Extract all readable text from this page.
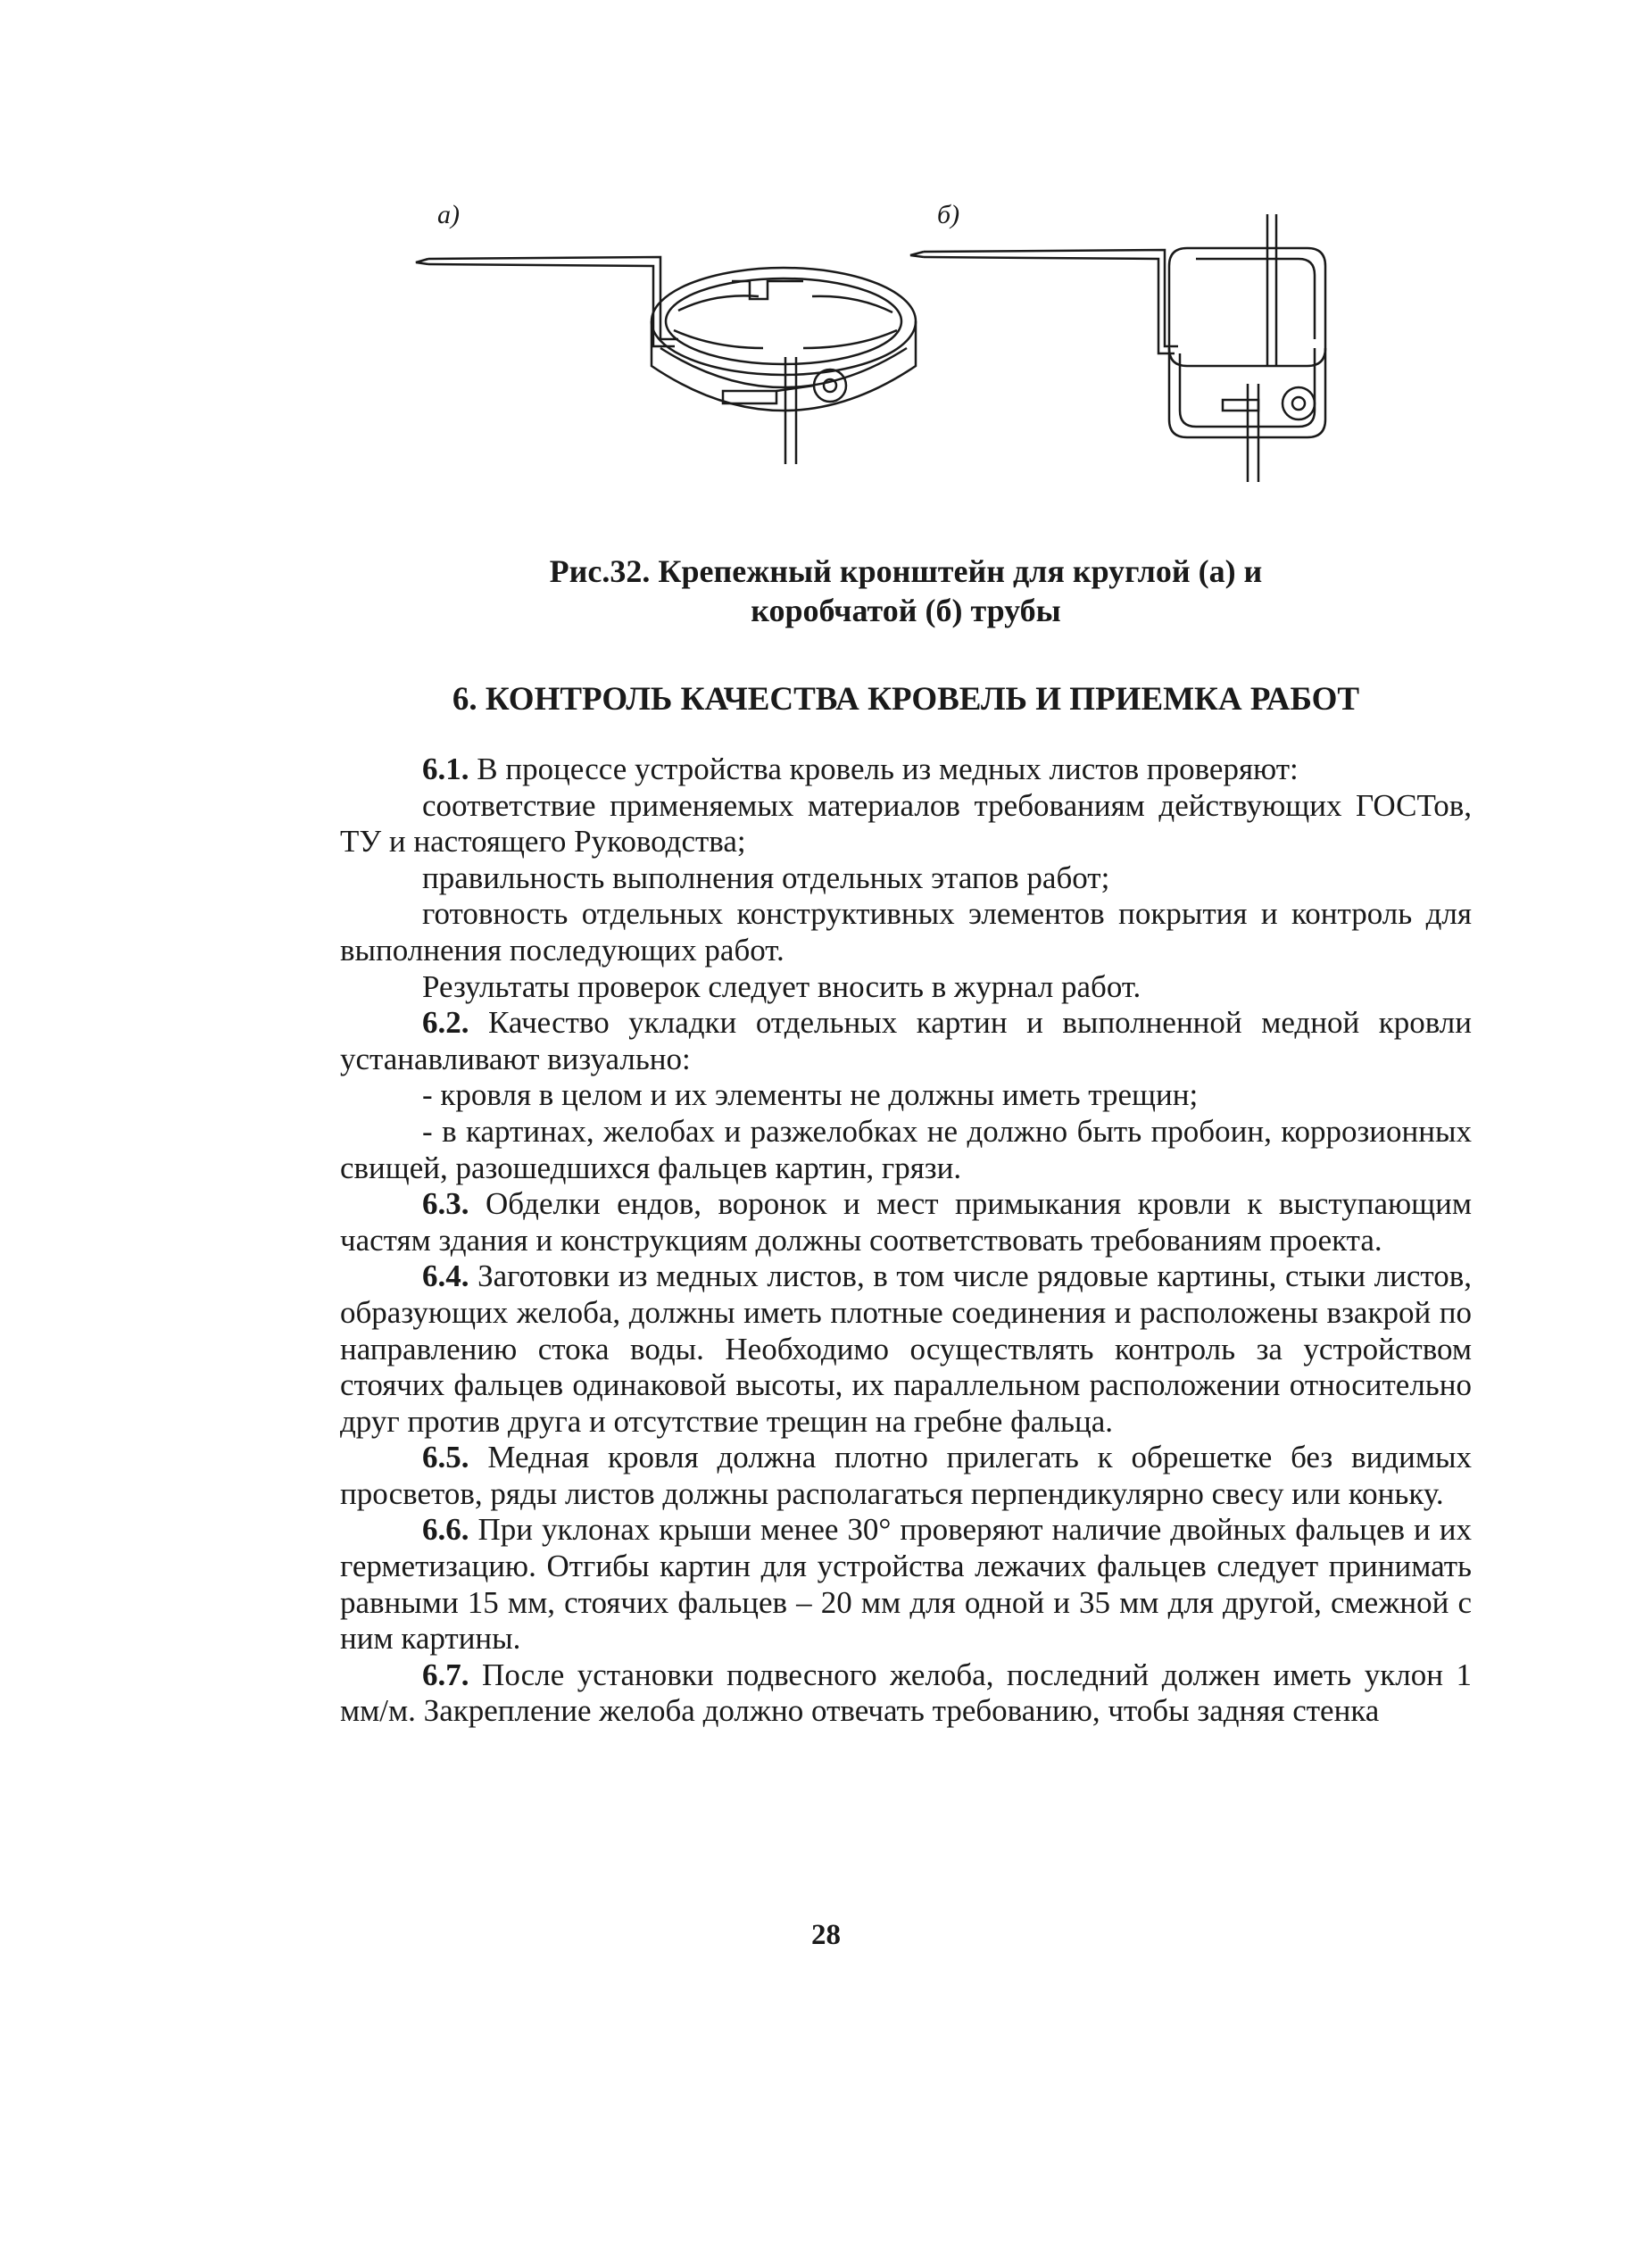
а)	б)
Рис.32. Крепежный кронштейн для круглой (а) и
коробчатой (б) трубы
6. КОНТРОЛЬ КАЧЕСТВА КРОВЕЛЬ И ПРИЕМКА РАБОТ

6.1. В процессе устройства кровель из медных листов проверяют:

соответствие применяемых материалов требованиям действующих ГОСТов, ТУ и настоящего Руководства;

правильность выполнения отдельных этапов работ;

готовность отдельных конструктивных элементов покрытия и контроль для выполнения последующих работ.

Результаты проверок следует вносить в журнал работ.

6.2. Качество укладки отдельных картин и выполненной медной кровли устанавливают визуально:

- кровля в целом и их элементы не должны иметь трещин;

- в картинах, желобах и разжелобках не должно быть пробоин, коррозионных свищей, разошедшихся фальцев картин, грязи.

6.3. Обделки ендов, воронок и мест примыкания кровли к выступающим частям здания и конструкциям должны соответствовать требованиям проекта.

6.4. Заготовки из медных листов, в том числе рядовые картины, стыки листов, образующих желоба, должны иметь плотные соединения и расположены взакрой по направлению стока воды. Необходимо осуществлять контроль за устройством стоячих фальцев одинаковой высоты, их параллельном расположении относительно друг против друга и отсутствие трещин на гребне фальца.

6.5. Медная кровля должна плотно прилегать к обрешетке без видимых просветов, ряды листов должны располагаться перпендикулярно свесу или коньку.

6.6. При уклонах крыши менее 30° проверяют наличие двойных фальцев и их герметизацию. Отгибы картин для устройства лежачих фальцев следует принимать равными 15 мм, стоячих фальцев – 20 мм для одной и 35 мм для другой, смежной с ним картины.

6.7. После установки подвесного желоба, последний должен иметь уклон 1 мм/м. Закрепление желоба должно отвечать требованию, чтобы задняя стенка

28
